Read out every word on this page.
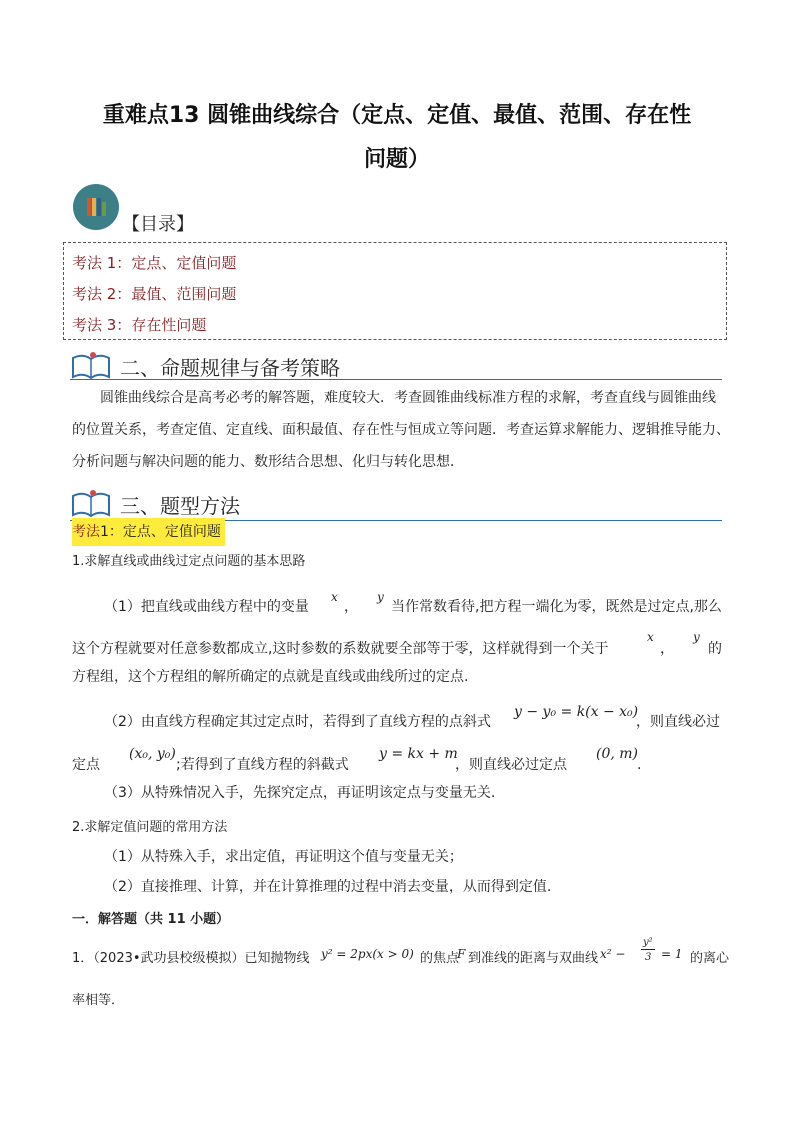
重难点13 圆锥曲线综合（定点、定值、最值、范围、存在性
问题）
【目录】
考法 1：定点、定值问题
考法 2：最值、范围问题
考法 3：存在性问题
二、命题规律与备考策略
圆锥曲线综合是高考必考的解答题，难度较大．考查圆锥曲线标准方程的求解，考查直线与圆锥曲线
的位置关系，考查定值、定直线、面积最值、存在性与恒成立等问题．考查运算求解能力、逻辑推导能力、
分析问题与解决问题的能力、数形结合思想、化归与转化思想．
三、题型方法
考法1：定点、定值问题
1.求解直线或曲线过定点问题的基本思路
（1）把直线或曲线方程中的变量
x
，
y
当作常数看待,把方程一端化为零，既然是过定点,那么
这个方程就要对任意参数都成立,这时参数的系数就要全部等于零，这样就得到一个关于
x
，
y
的
方程组，这个方程组的解所确定的点就是直线或曲线所过的定点.
（2）由直线方程确定其过定点时，若得到了直线方程的点斜式
y − y₀ = k(x − x₀)
，则直线必过
定点
(x₀, y₀)
;若得到了直线方程的斜截式
y = kx + m
，则直线必过定点
(0, m)
.
（3）从特殊情况入手，先探究定点，再证明该定点与变量无关.
2.求解定值问题的常用方法
（1）从特殊入手，求出定值，再证明这个值与变量无关；
（2）直接推理、计算，并在计算推理的过程中消去变量，从而得到定值.
一．解答题（共 11 小题）
1．（2023•武功县校级模拟）已知抛物线 y² = 2px(x > 0) 的焦点
F 到准线的距离与双曲线 x² −
y²
3 = 1 的离心
率相等．
